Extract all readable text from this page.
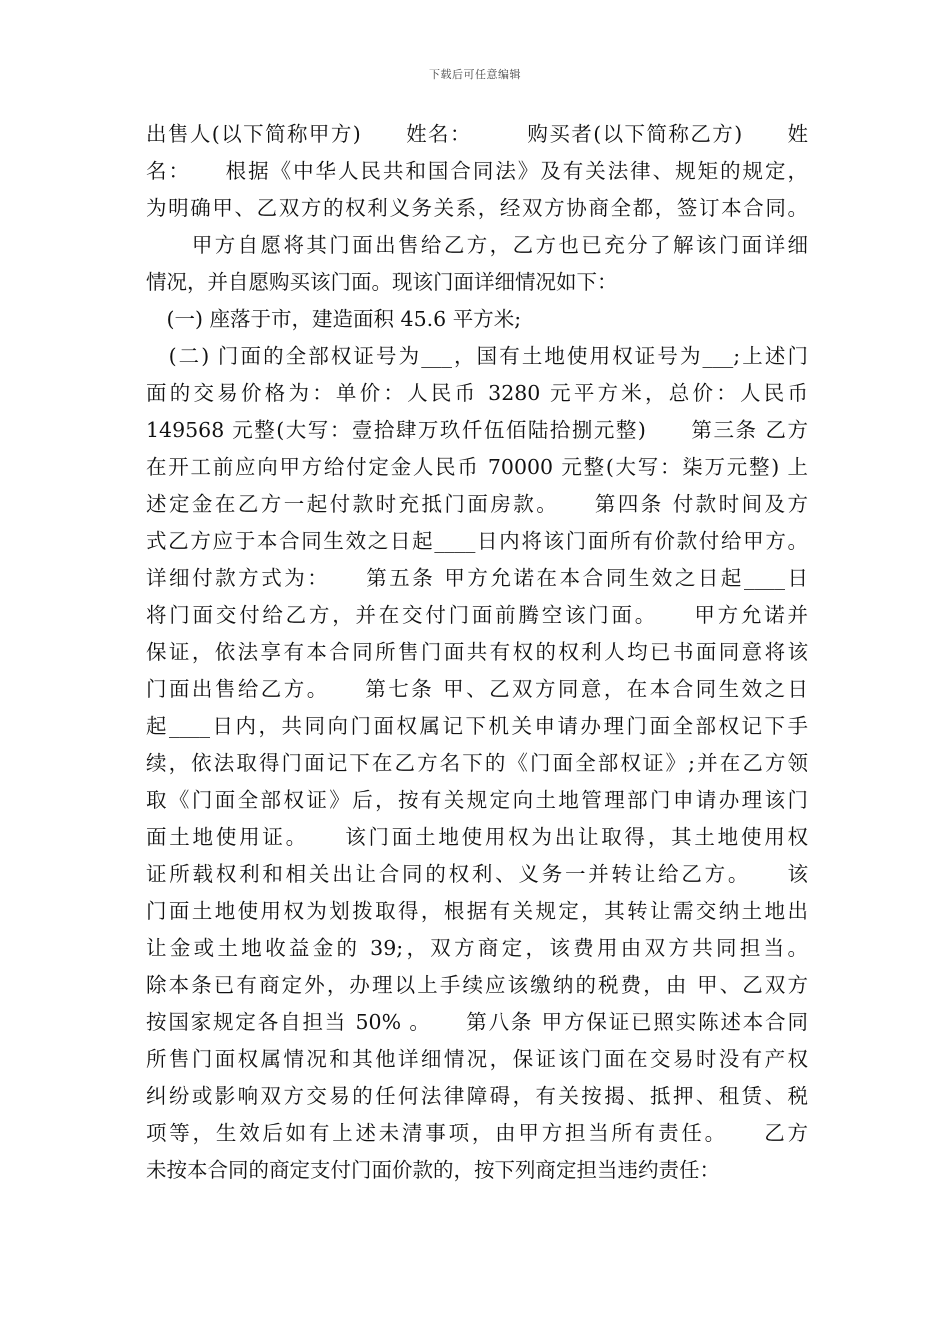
下载后可任意编辑
出售人(以下简称甲方)　　姓名：　　　购买者(以下简称乙方)　　姓
名：　　根据《中华人民共和国合同法》及有关法律、规矩的规定，
为明确甲、乙双方的权利义务关系，经双方协商全都，签订本合同。
　　甲方自愿将其门面出售给乙方，乙方也已充分了解该门面详细
情况，并自愿购买该门面。现该门面详细情况如下：
　(一) 座落于市，建造面积 45.6 平方米;
　(二) 门面的全部权证号为___，国有土地使用权证号为___;上述门
面的交易价格为：单价：人民币 3280 元平方米，总价：人民币
149568 元整(大写：壹拾肆万玖仟伍佰陆拾捌元整)　　第三条 乙方
在开工前应向甲方给付定金人民币 70000 元整(大写：柒万元整) 上
述定金在乙方一起付款时充抵门面房款。　　第四条 付款时间及方
式乙方应于本合同生效之日起____日内将该门面所有价款付给甲方。
详细付款方式为：　　第五条 甲方允诺在本合同生效之日起____日
将门面交付给乙方，并在交付门面前腾空该门面。　　甲方允诺并
保证，依法享有本合同所售门面共有权的权利人均已书面同意将该
门面出售给乙方。　　第七条 甲、乙双方同意，在本合同生效之日
起____日内，共同向门面权属记下机关申请办理门面全部权记下手
续，依法取得门面记下在乙方名下的《门面全部权证》;并在乙方领
取《门面全部权证》后，按有关规定向土地管理部门申请办理该门
面土地使用证。　　该门面土地使用权为出让取得，其土地使用权
证所载权利和相关出让合同的权利、义务一并转让给乙方。　　该
门面土地使用权为划拨取得，根据有关规定，其转让需交纳土地出
让金或土地收益金的 39;，双方商定，该费用由双方共同担当。
除本条已有商定外，办理以上手续应该缴纳的税费，由 甲、乙双方
按国家规定各自担当 50% 。　　第八条 甲方保证已照实陈述本合同
所售门面权属情况和其他详细情况，保证该门面在交易时没有产权
纠纷或影响双方交易的任何法律障碍，有关按揭、抵押、租赁、税
项等，生效后如有上述未清事项，由甲方担当所有责任。　　乙方
未按本合同的商定支付门面价款的，按下列商定担当违约责任：
